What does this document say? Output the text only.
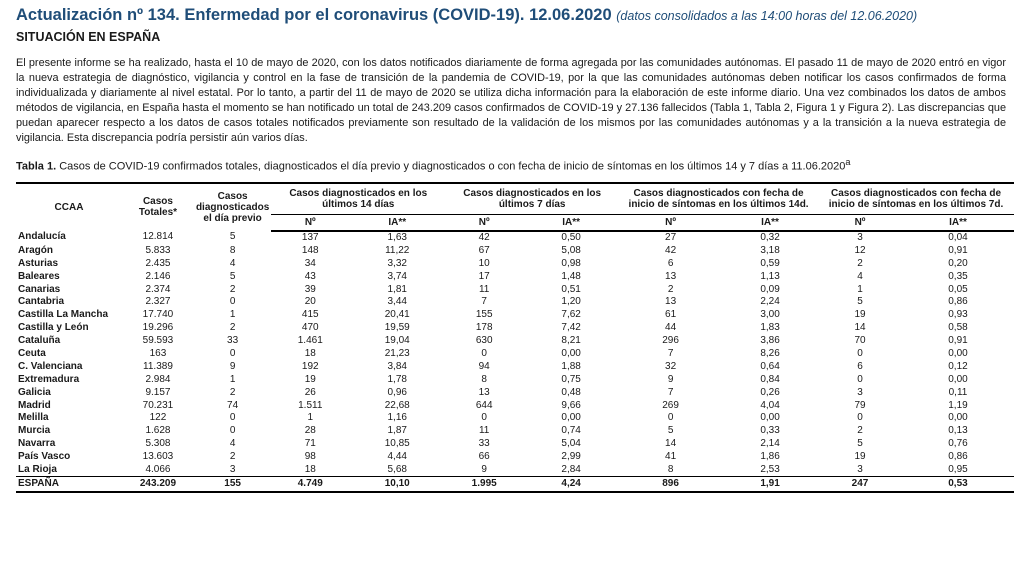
Actualización nº 134. Enfermedad por el coronavirus (COVID-19). 12.06.2020 (datos consolidados a las 14:00 horas del 12.06.2020)
SITUACIÓN EN ESPAÑA

El presente informe se ha realizado, hasta el 10 de mayo de 2020, con los datos notificados diariamente de forma agregada por las comunidades autónomas. El pasado 11 de mayo de 2020 entró en vigor la nueva estrategia de diagnóstico, vigilancia y control en la fase de transición de la pandemia de COVID-19, por la que las comunidades autónomas deben notificar los casos confirmados de forma individualizada y diariamente al nivel estatal. Por lo tanto, a partir del 11 de mayo de 2020 se utiliza dicha información para la elaboración de este informe diario. Una vez combinados los datos de ambos métodos de vigilancia, en España hasta el momento se han notificado un total de 243.209 casos confirmados de COVID-19 y 27.136 fallecidos (Tabla 1, Tabla 2, Figura 1 y Figura 2). Las discrepancias que puedan aparecer respecto a los datos de casos totales notificados previamente son resultado de la validación de los mismos por las comunidades autónomas y a la transición a la nueva estrategia de vigilancia. Esta discrepancia podría persistir aún varios días.

Tabla 1. Casos de COVID-19 confirmados totales, diagnosticados el día previo y diagnosticados o con fecha de inicio de síntomas en los últimos 14 y 7 días a 11.06.2020$^a$
CCAA	Casos Totales*	Casos diagnosticados el día previo	Casos diagnosticados en los últimos 14 días		Casos diagnosticados en los últimos 7 días		Casos diagnosticados con fecha de inicio de síntomas en los últimos 14d.		Casos diagnosticados con fecha de inicio de síntomas en los últimos 7d.	
			Nº	IA**	Nº	IA**	Nº	IA**	Nº	IA**
Andalucía	12.814	5	137	1,63	42	0,50	27	0,32	3	0,04
Aragón	5.833	8	148	11,22	67	5,08	42	3,18	12	0,91
Asturias	2.435	4	34	3,32	10	0,98	6	0,59	2	0,20
Baleares	2.146	5	43	3,74	17	1,48	13	1,13	4	0,35
Canarias	2.374	2	39	1,81	11	0,51	2	0,09	1	0,05
Cantabria	2.327	0	20	3,44	7	1,20	13	2,24	5	0,86
Castilla La Mancha	17.740	1	415	20,41	155	7,62	61	3,00	19	0,93
Castilla y León	19.296	2	470	19,59	178	7,42	44	1,83	14	0,58
Cataluña	59.593	33	1.461	19,04	630	8,21	296	3,86	70	0,91
Ceuta	163	0	18	21,23	0	0,00	7	8,26	0	0,00
C. Valenciana	11.389	9	192	3,84	94	1,88	32	0,64	6	0,12
Extremadura	2.984	1	19	1,78	8	0,75	9	0,84	0	0,00
Galicia	9.157	2	26	0,96	13	0,48	7	0,26	3	0,11
Madrid	70.231	74	1.511	22,68	644	9,66	269	4,04	79	1,19
Melilla	122	0	1	1,16	0	0,00	0	0,00	0	0,00
Murcia	1.628	0	28	1,87	11	0,74	5	0,33	2	0,13
Navarra	5.308	4	71	10,85	33	5,04	14	2,14	5	0,76
País Vasco	13.603	2	98	4,44	66	2,99	41	1,86	19	0,86
La Rioja	4.066	3	18	5,68	9	2,84	8	2,53	3	0,95
ESPAÑA	243.209	155	4.749	10,10	1.995	4,24	896	1,91	247	0,53
